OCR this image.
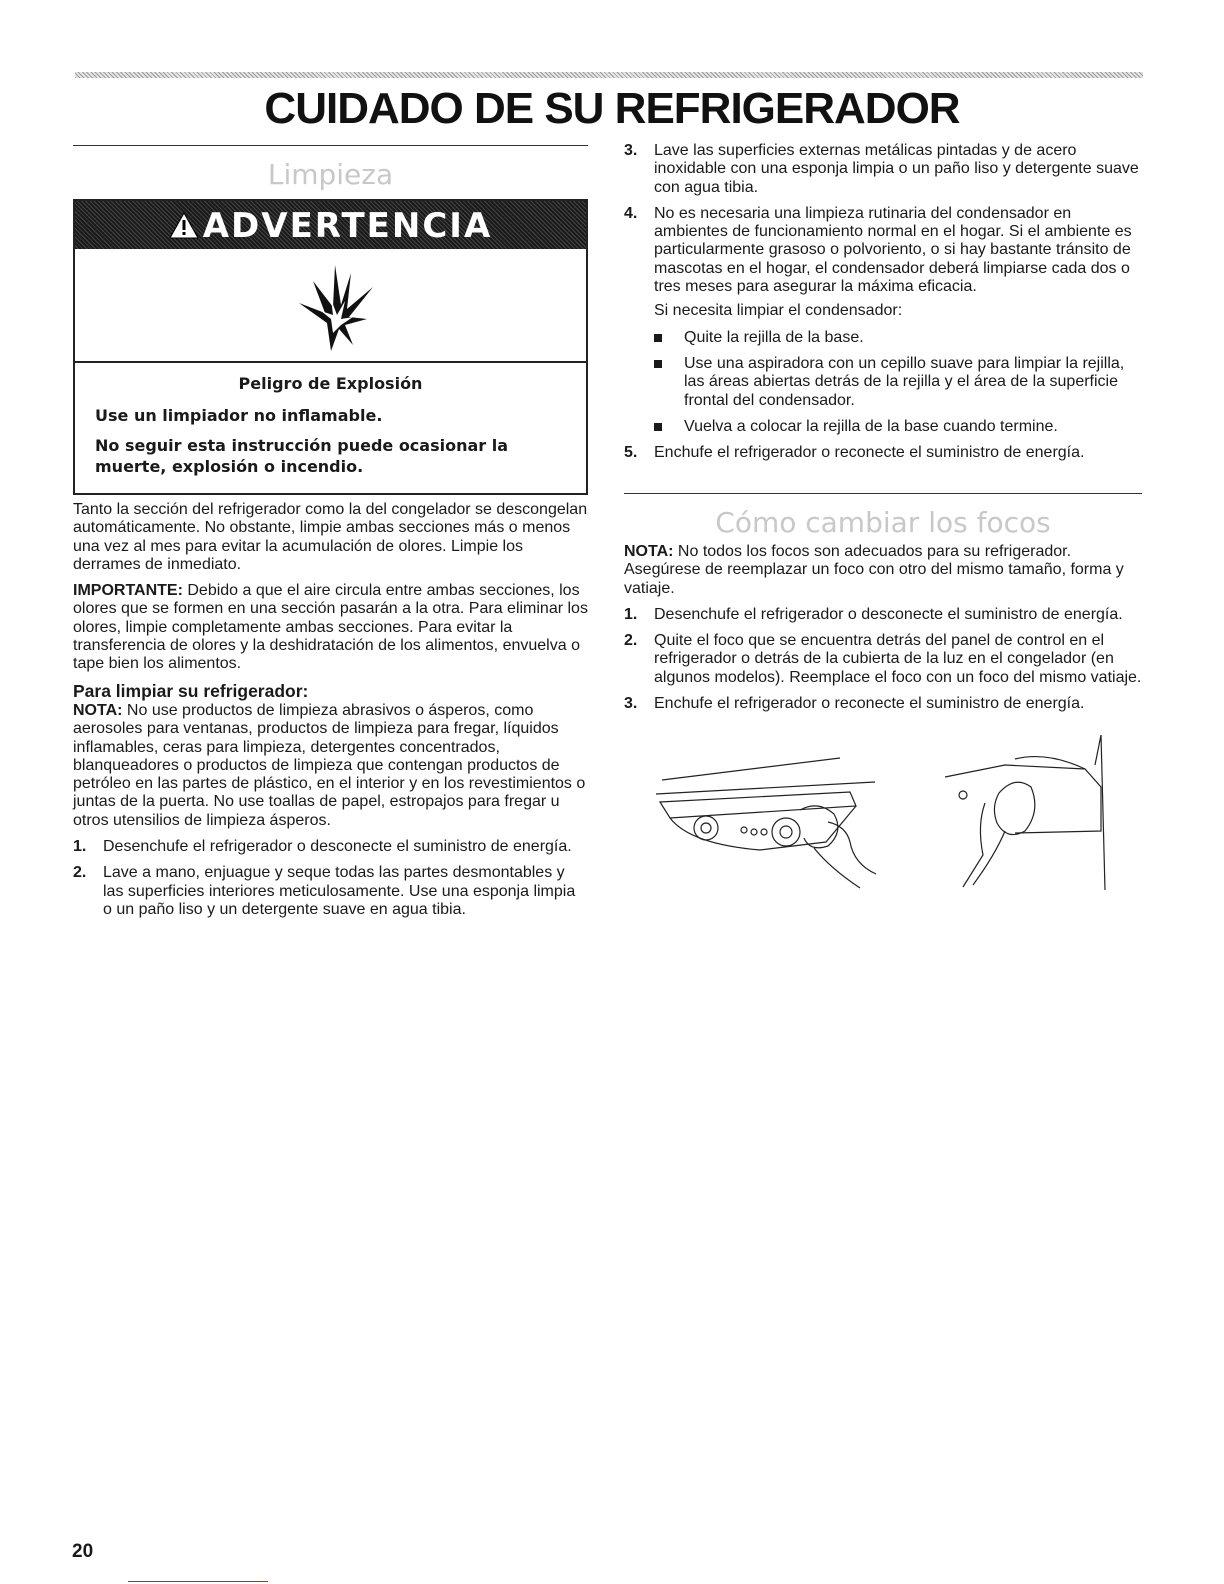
CUIDADO DE SU REFRIGERADOR
Limpieza
ADVERTENCIA
Peligro de Explosión

Use un limpiador no inflamable.

No seguir esta instrucción puede ocasionar la muerte, explosión o incendio.

Tanto la sección del refrigerador como la del congelador se descongelan automáticamente. No obstante, limpie ambas secciones más o menos una vez al mes para evitar la acumulación de olores. Limpie los derrames de inmediato.

IMPORTANTE: Debido a que el aire circula entre ambas secciones, los olores que se formen en una sección pasarán a la otra. Para eliminar los olores, limpie completamente ambas secciones. Para evitar la transferencia de olores y la deshidratación de los alimentos, envuelva o tape bien los alimentos.

Para limpiar su refrigerador:

NOTA: No use productos de limpieza abrasivos o ásperos, como aerosoles para ventanas, productos de limpieza para fregar, líquidos inflamables, ceras para limpieza, detergentes concentrados, blanqueadores o productos de limpieza que contengan productos de petróleo en las partes de plástico, en el interior y en los revestimientos o juntas de la puerta. No use toallas de papel, estropajos para fregar u otros utensilios de limpieza ásperos.

1. Desenchufe el refrigerador o desconecte el suministro de energía.
2. Lave a mano, enjuague y seque todas las partes desmontables y las superficies interiores meticulosamente. Use una esponja limpia o un paño liso y un detergente suave en agua tibia.
3. Lave las superficies externas metálicas pintadas y de acero inoxidable con una esponja limpia o un paño liso y detergente suave con agua tibia.
4. No es necesaria una limpieza rutinaria del condensador en ambientes de funcionamiento normal en el hogar. Si el ambiente es particularmente grasoso o polvoriento, o si hay bastante tránsito de mascotas en el hogar, el condensador deberá limpiarse cada dos o tres meses para asegurar la máxima eficacia.
Si necesita limpiar el condensador:
Quite la rejilla de la base.
Use una aspiradora con un cepillo suave para limpiar la rejilla, las áreas abiertas detrás de la rejilla y el área de la superficie frontal del condensador.
Vuelva a colocar la rejilla de la base cuando termine.
5. Enchufe el refrigerador o reconecte el suministro de energía.
Cómo cambiar los focos

NOTA: No todos los focos son adecuados para su refrigerador. Asegúrese de reemplazar un foco con otro del mismo tamaño, forma y vatiaje.

1. Desenchufe el refrigerador o desconecte el suministro de energía.
2. Quite el foco que se encuentra detrás del panel de control en el refrigerador o detrás de la cubierta de la luz en el congelador (en algunos modelos). Reemplace el foco con un foco del mismo vatiaje.
3. Enchufe el refrigerador o reconecte el suministro de energía.
20
